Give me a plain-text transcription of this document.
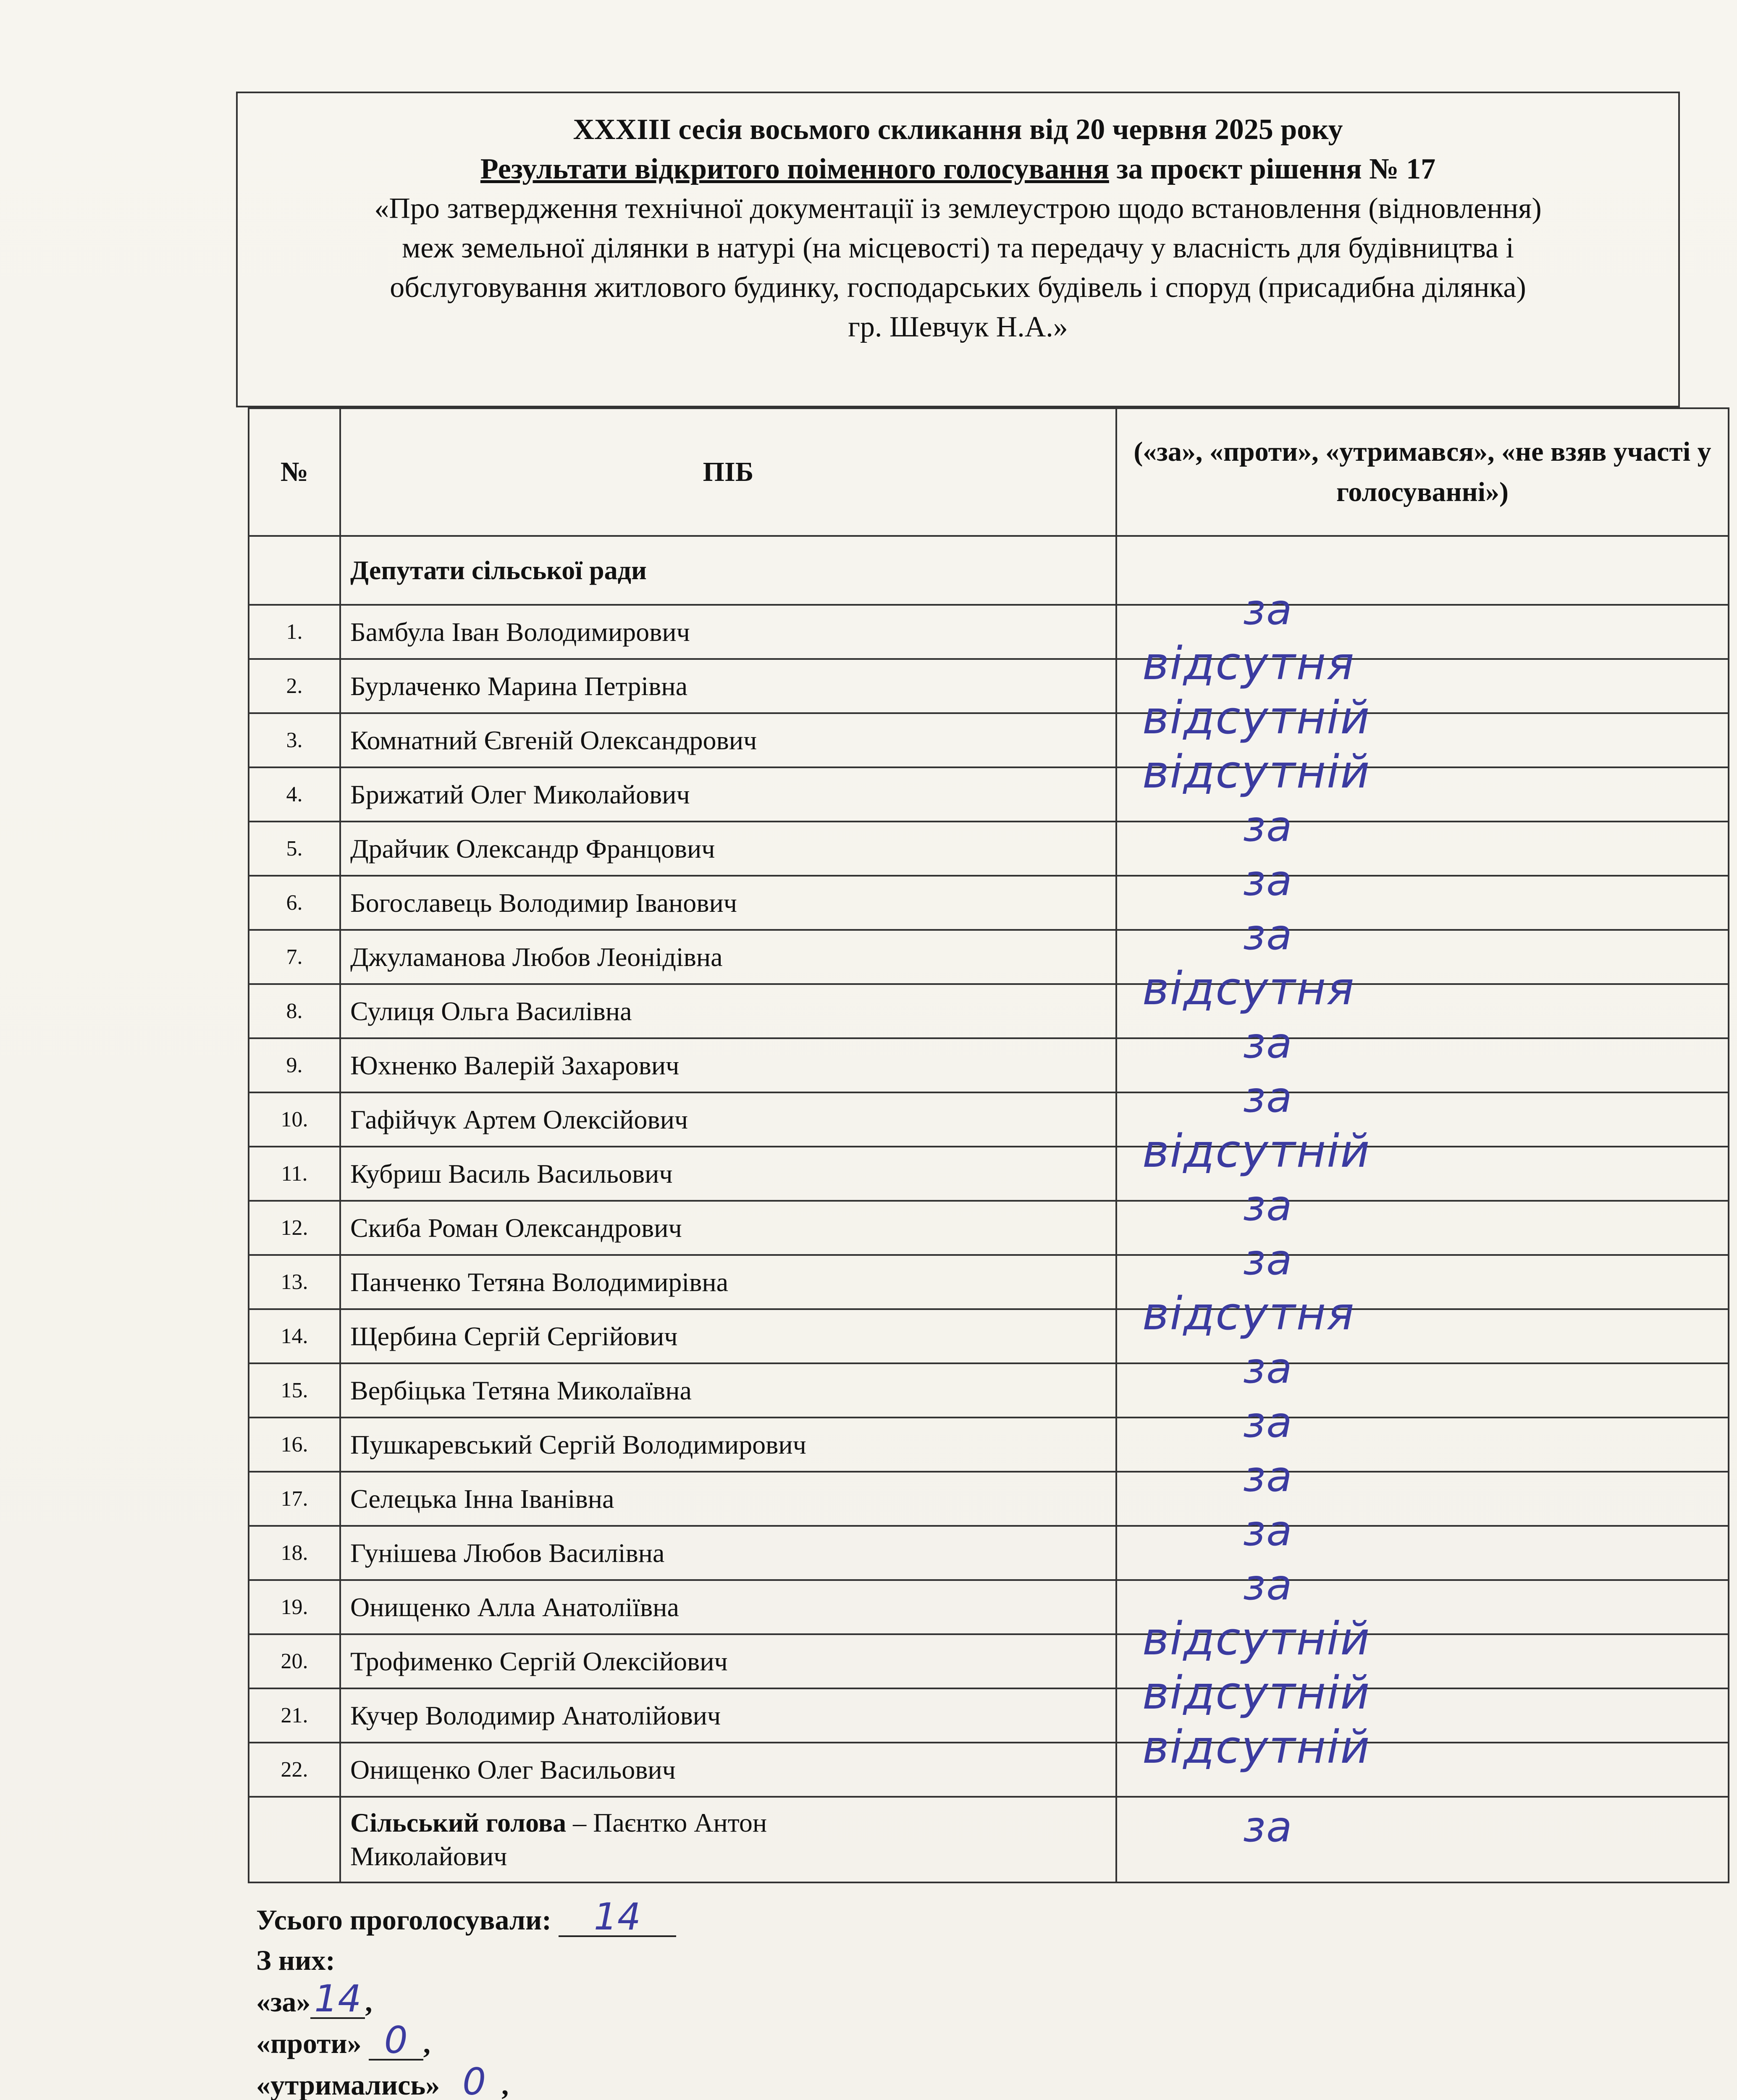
XXXIII сесія восьмого скликання від 20 червня 2025 року
Результати відкритого поіменного голосування за проєкт рішення № 17
«Про затвердження технічної документації із землеустрою щодо встановлення (відновлення)
меж земельної ділянки в натурі (на місцевості) та передачу у власність для будівництва і
обслуговування житлового будинку, господарських будівель і споруд (присадибна ділянка)
гр. Шевчук Н.А.»
№	ПІБ	(«за», «проти», «утримався», «не взяв участі у голосуванні»)
	Депутати сільської ради	
1.	Бамбула Іван Володимирович	за

2.	Бурлаченко Марина Петрівна	відсутня

3.	Комнатний Євгеній Олександрович	відсутній

4.	Брижатий Олег Миколайович	відсутній

5.	Драйчик Олександр Францович	за

6.	Богославець Володимир Іванович	за

7.	Джуламанова Любов Леонідівна	за

8.	Сулиця Ольга Василівна	відсутня

9.	Юхненко Валерій Захарович	за

10.	Гафійчук Артем Олексійович	за

11.	Кубриш Василь Васильович	відсутній

12.	Скиба Роман Олександрович	за

13.	Панченко Тетяна Володимирівна	за

14.	Щербина Сергій Сергійович	відсутня

15.	Вербіцька Тетяна Миколаївна	за

16.	Пушкаревський Сергій Володимирович	за

17.	Селецька Інна Іванівна	за

18.	Гунішева Любов Василівна	за

19.	Онищенко Алла Анатоліївна	за

20.	Трофименко Сергій Олексійович	відсутній

21.	Кучер Володимир Анатолійович	відсутній

22.	Онищенко Олег Васильович	відсутній

	Сільський голова – Паєнтко Антон
Миколайович	за
Усього проголосували: 14
З них:
«за» 14 ,
«проти» 0 ,
«утримались» 0 ,
